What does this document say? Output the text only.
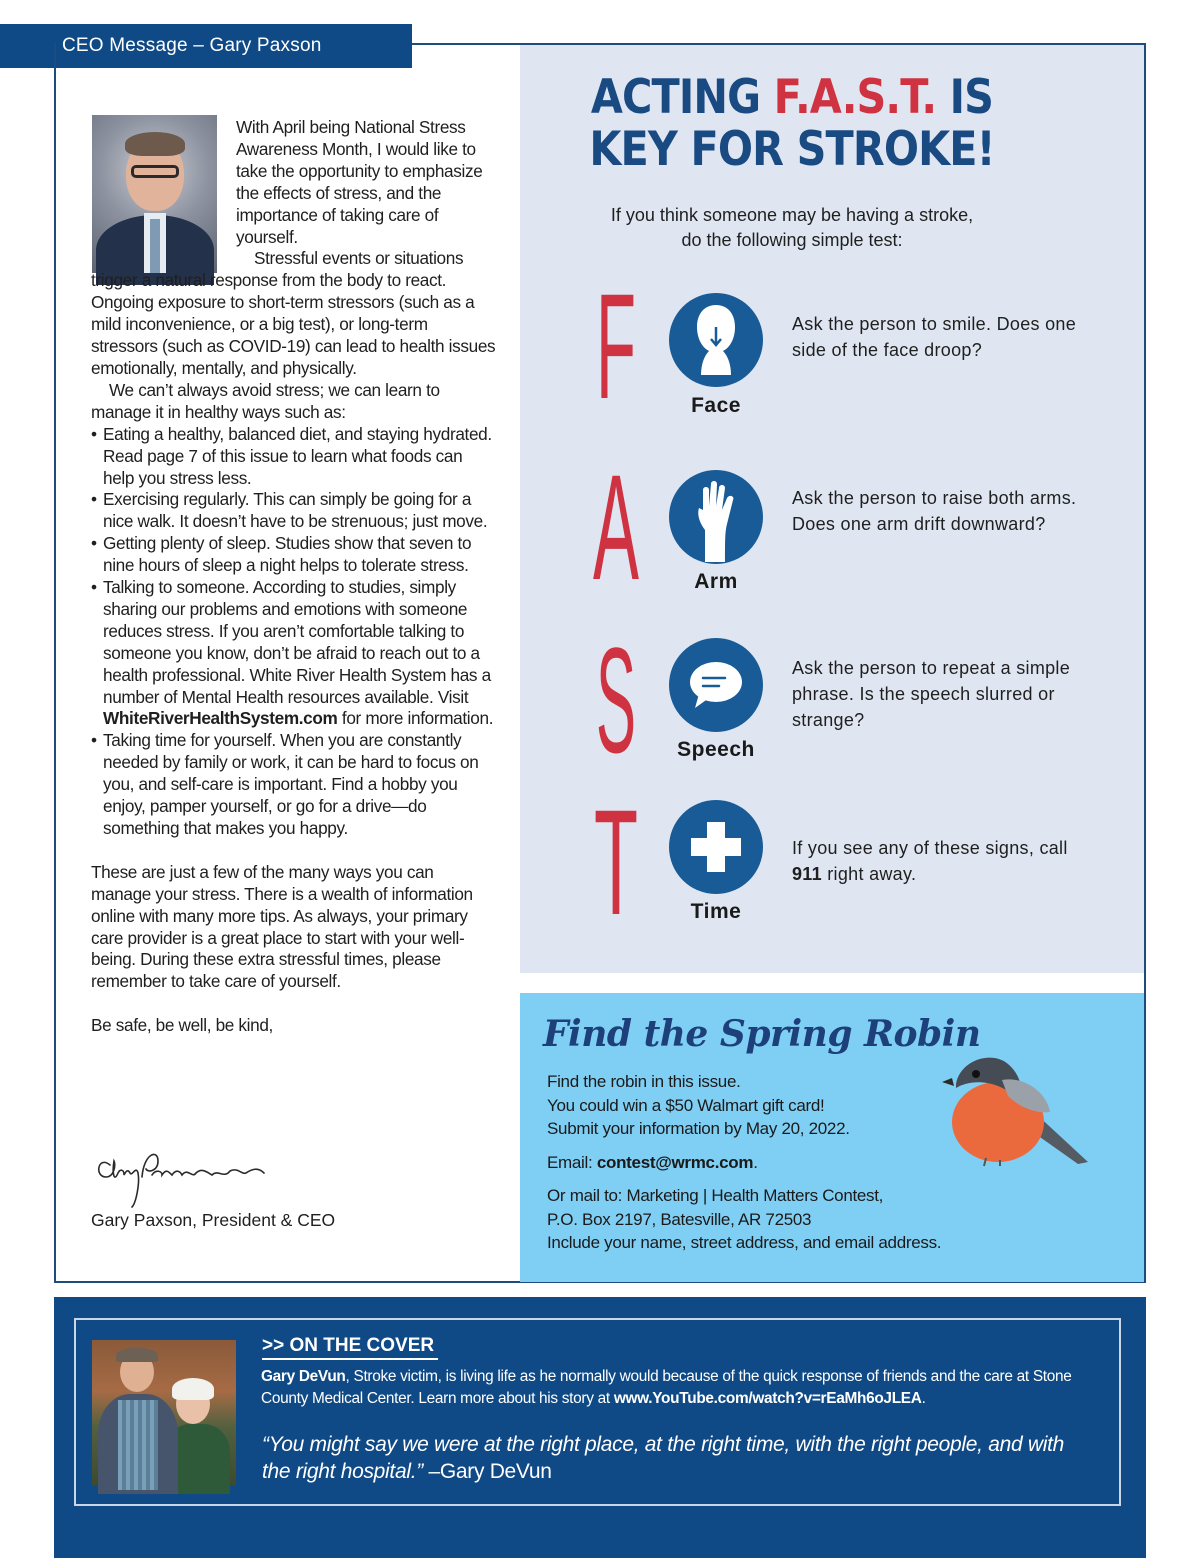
CEO Message – Gary Paxson

With April being National Stress Awareness Month, I would like to take the opportunity to emphasize the effects of stress, and the importance of taking care of yourself.

Stressful events or situations trigger a natural response from the body to react. Ongoing exposure to short-term stressors (such as a mild inconvenience, or a big test), or long-term stressors (such as COVID-19) can lead to health issues emotionally, mentally, and physically.

We can’t always avoid stress; we can learn to manage it in healthy ways such as:

• Eating a healthy, balanced diet, and staying hydrated. Read page 7 of this issue to learn what foods can help you stress less.
• Exercising regularly. This can simply be going for a nice walk. It doesn’t have to be strenuous; just move.
• Getting plenty of sleep. Studies show that seven to nine hours of sleep a night helps to tolerate stress.
• Talking to someone. According to studies, simply sharing our problems and emotions with someone reduces stress. If you aren’t comfortable talking to someone you know, don’t be afraid to reach out to a health professional. White River Health System has a number of Mental Health resources available. Visit WhiteRiverHealthSystem.com for more information.
• Taking time for yourself. When you are constantly needed by family or work, it can be hard to focus on you, and self-care is important. Find a hobby you enjoy, pamper yourself, or go for a drive—do something that makes you happy.

These are just a few of the many ways you can manage your stress. There is a wealth of information online with many more tips. As always, your primary care provider is a great place to start with your well-being. During these extra stressful times, please remember to take care of yourself.

Be safe, be well, be kind,

Gary Paxson, President & CEO
ACTING F.A.S.T. IS KEY FOR STROKE!
If you think someone may be having a stroke,
do the following simple test:
F	Face
Ask the person to smile. Does one side of the face droop?
A	Arm
Ask the person to raise both arms. Does one arm drift downward?
S	Speech
Ask the person to repeat a simple phrase. Is the speech slurred or strange?
T	Time
If you see any of these signs, call 911 right away.
Find the Spring Robin
Find the robin in this issue.
You could win a $50 Walmart gift card!
Submit your information by May 20, 2022.
Email: contest@wrmc.com.
Or mail to: Marketing | Health Matters Contest,
P.O. Box 2197, Batesville, AR 72503
Include your name, street address, and email address.
>> ON THE COVER
Gary DeVun, Stroke victim, is living life as he normally would because of the quick response of friends and the care at Stone County Medical Center. Learn more about his story at www.YouTube.com/watch?v=rEaMh6oJLEA.
“You might say we were at the right place, at the right time, with the right people, and with the right hospital.” –Gary DeVun
